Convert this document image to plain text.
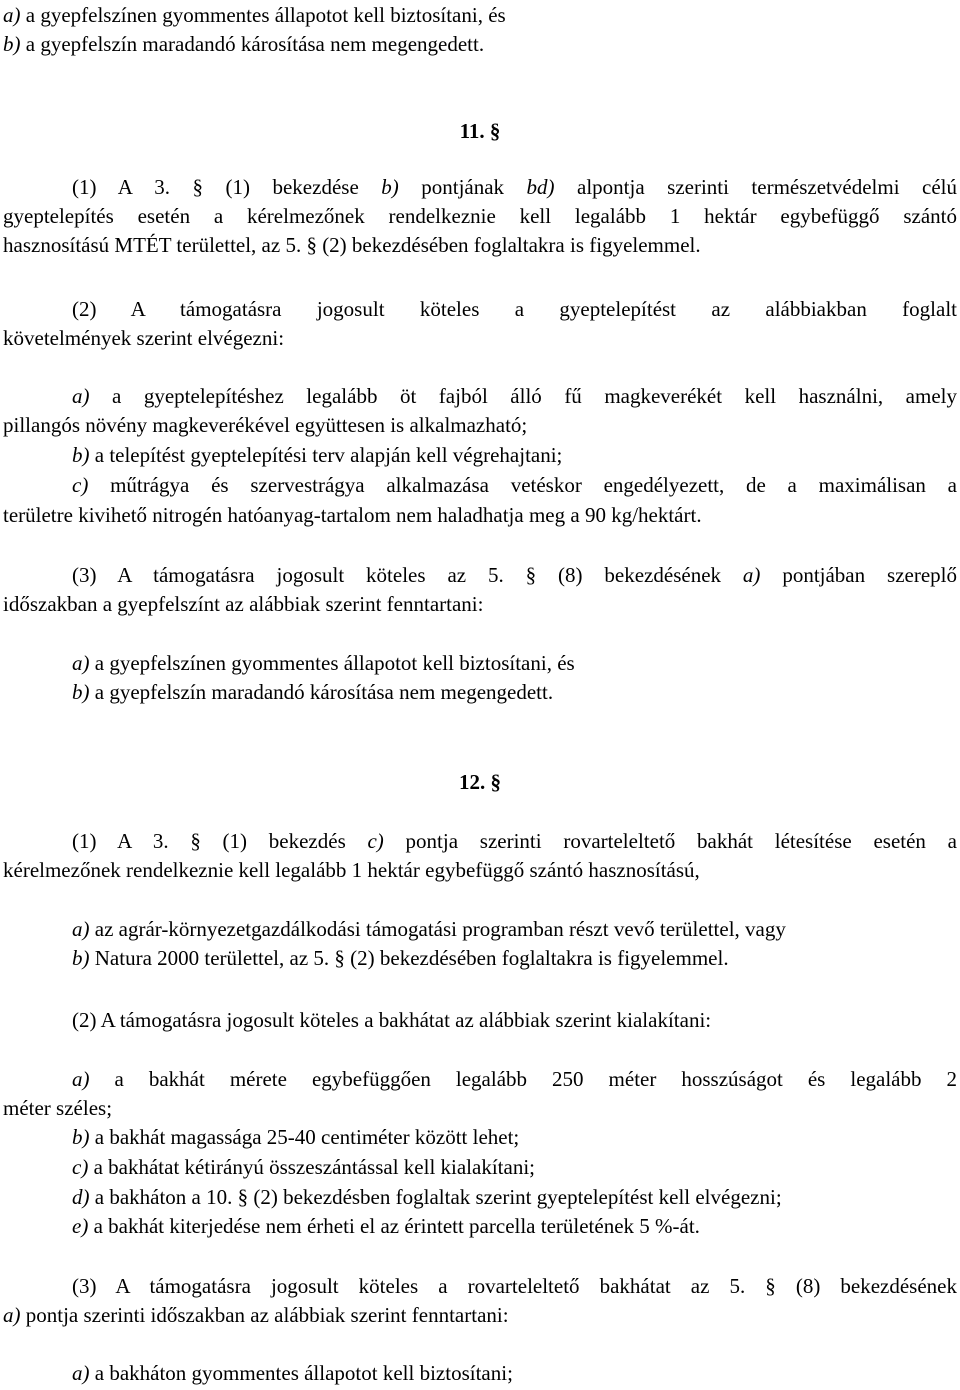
a) a gyepfelszínen gyommentes állapotot kell biztosítani, és
b) a gyepfelszín maradandó károsítása nem megengedett.
11. §
(1) A 3. § (1) bekezdése b) pontjának bd) alpontja szerinti természetvédelmi célú
gyeptelepítés esetén a kérelmezőnek rendelkeznie kell legalább 1 hektár egybefüggő szántó
hasznosítású MTÉT területtel, az 5. § (2) bekezdésében foglaltakra is figyelemmel.
(2) A támogatásra jogosult köteles a gyeptelepítést az alábbiakban foglalt
követelmények szerint elvégezni:
a) a gyeptelepítéshez legalább öt fajból álló fű magkeverékét kell használni, amely
pillangós növény magkeverékével együttesen is alkalmazható;
b) a telepítést gyeptelepítési terv alapján kell végrehajtani;
c) műtrágya és szervestrágya alkalmazása vetéskor engedélyezett, de a maximálisan a
területre kivihető nitrogén hatóanyag-tartalom nem haladhatja meg a 90 kg/hektárt.
(3) A támogatásra jogosult köteles az 5. § (8) bekezdésének a) pontjában szereplő
időszakban a gyepfelszínt az alábbiak szerint fenntartani:
a) a gyepfelszínen gyommentes állapotot kell biztosítani, és
b) a gyepfelszín maradandó károsítása nem megengedett.
12. §
(1) A 3. § (1) bekezdés c) pontja szerinti rovarteleltető bakhát létesítése esetén a
kérelmezőnek rendelkeznie kell legalább 1 hektár egybefüggő szántó hasznosítású,
a) az agrár-környezetgazdálkodási támogatási programban részt vevő területtel, vagy
b) Natura 2000 területtel, az 5. § (2) bekezdésében foglaltakra is figyelemmel.
(2) A támogatásra jogosult köteles a bakhátat az alábbiak szerint kialakítani:
a) a bakhát mérete egybefüggően legalább 250 méter hosszúságot és legalább 2
méter széles;
b) a bakhát magassága 25-40 centiméter között lehet;
c) a bakhátat kétirányú összeszántással kell kialakítani;
d) a bakháton a 10. § (2) bekezdésben foglaltak szerint gyeptelepítést kell elvégezni;
e) a bakhát kiterjedése nem érheti el az érintett parcella területének 5 %-át.
(3) A támogatásra jogosult köteles a rovarteleltető bakhátat az 5. § (8) bekezdésének
a) pontja szerinti időszakban az alábbiak szerint fenntartani:
a) a bakháton gyommentes állapotot kell biztosítani;
